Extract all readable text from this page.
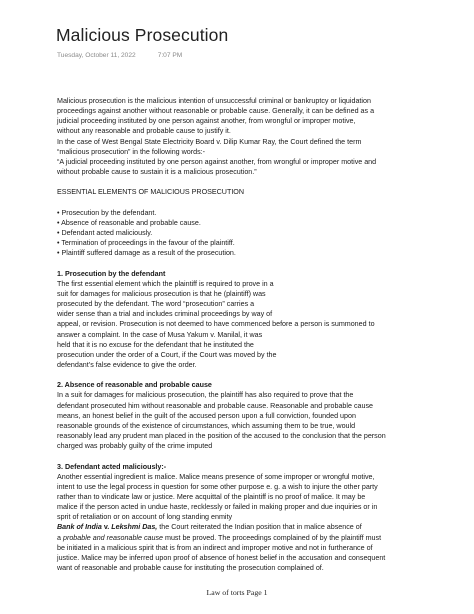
Malicious Prosecution
Tuesday, October 11, 2022	7:07 PM
Malicious prosecution is the malicious intention of unsuccessful criminal or bankruptcy or liquidation
proceedings against another without reasonable or probable cause. Generally, it can be defined as a
judicial proceeding instituted by one person against another, from wrongful or improper motive,
without any reasonable and probable cause to justify it.
In the case of West Bengal State Electricity Board v. Dilip Kumar Ray, the Court defined the term
“malicious prosecution” in the following words:-
“A judicial proceeding instituted by one person against another, from wrongful or improper motive and
without probable cause to sustain it is a malicious prosecution.”
ESSENTIAL ELEMENTS OF MALICIOUS PROSECUTION
• Prosecution by the defendant.
• Absence of reasonable and probable cause.
• Defendant acted maliciously.
• Termination of proceedings in the favour of the plaintiff.
• Plaintiff suffered damage as a result of the prosecution.
1. Prosecution by the defendant
The first essential element which the plaintiff is required to prove in a
suit for damages for malicious prosecution is that he (plaintiff) was
prosecuted by the defendant. The word “prosecution” carries a
wider sense than a trial and includes criminal proceedings by way of
appeal, or revision. Prosecution is not deemed to have commenced before a person is summoned to
answer a complaint. In the case of Musa Yakum v. Manilal, it was
held that it is no excuse for the defendant that he instituted the
prosecution under the order of a Court, if the Court was moved by the
defendant’s false evidence to give the order.
2. Absence of reasonable and probable cause
In a suit for damages for malicious prosecution, the plaintiff has also required to prove that the
defendant prosecuted him without reasonable and probable cause. Reasonable and probable cause
means, an honest belief in the guilt of the accused person upon a full conviction, founded upon
reasonable grounds of the existence of circumstances, which assuming them to be true, would
reasonably lead any prudent man placed in the position of the accused to the conclusion that the person
charged was probably guilty of the crime imputed
3. Defendant acted maliciously:-
Another essential ingredient is malice. Malice means presence of some improper or wrongful motive,
intent to use the legal process in question for some other purpose e. g. a wish to injure the other party
rather than to vindicate law or justice. Mere acquittal of the plaintiff is no proof of malice. It may be
malice if the person acted in undue haste, recklessly or failed in making proper and due inquiries or in
sprit of retaliation or on account of long standing enmity
Bank of India v. Lekshmi Das, the Court reiterated the Indian position that in malice absence of
a probable and reasonable cause must be proved. The proceedings complained of by the plaintiff must
be initiated in a malicious spirit that is from an indirect and improper motive and not in furtherance of
justice. Malice may be inferred upon proof of absence of honest belief in the accusation and consequent
want of reasonable and probable cause for instituting the prosecution complained of.
Law of torts Page 1
